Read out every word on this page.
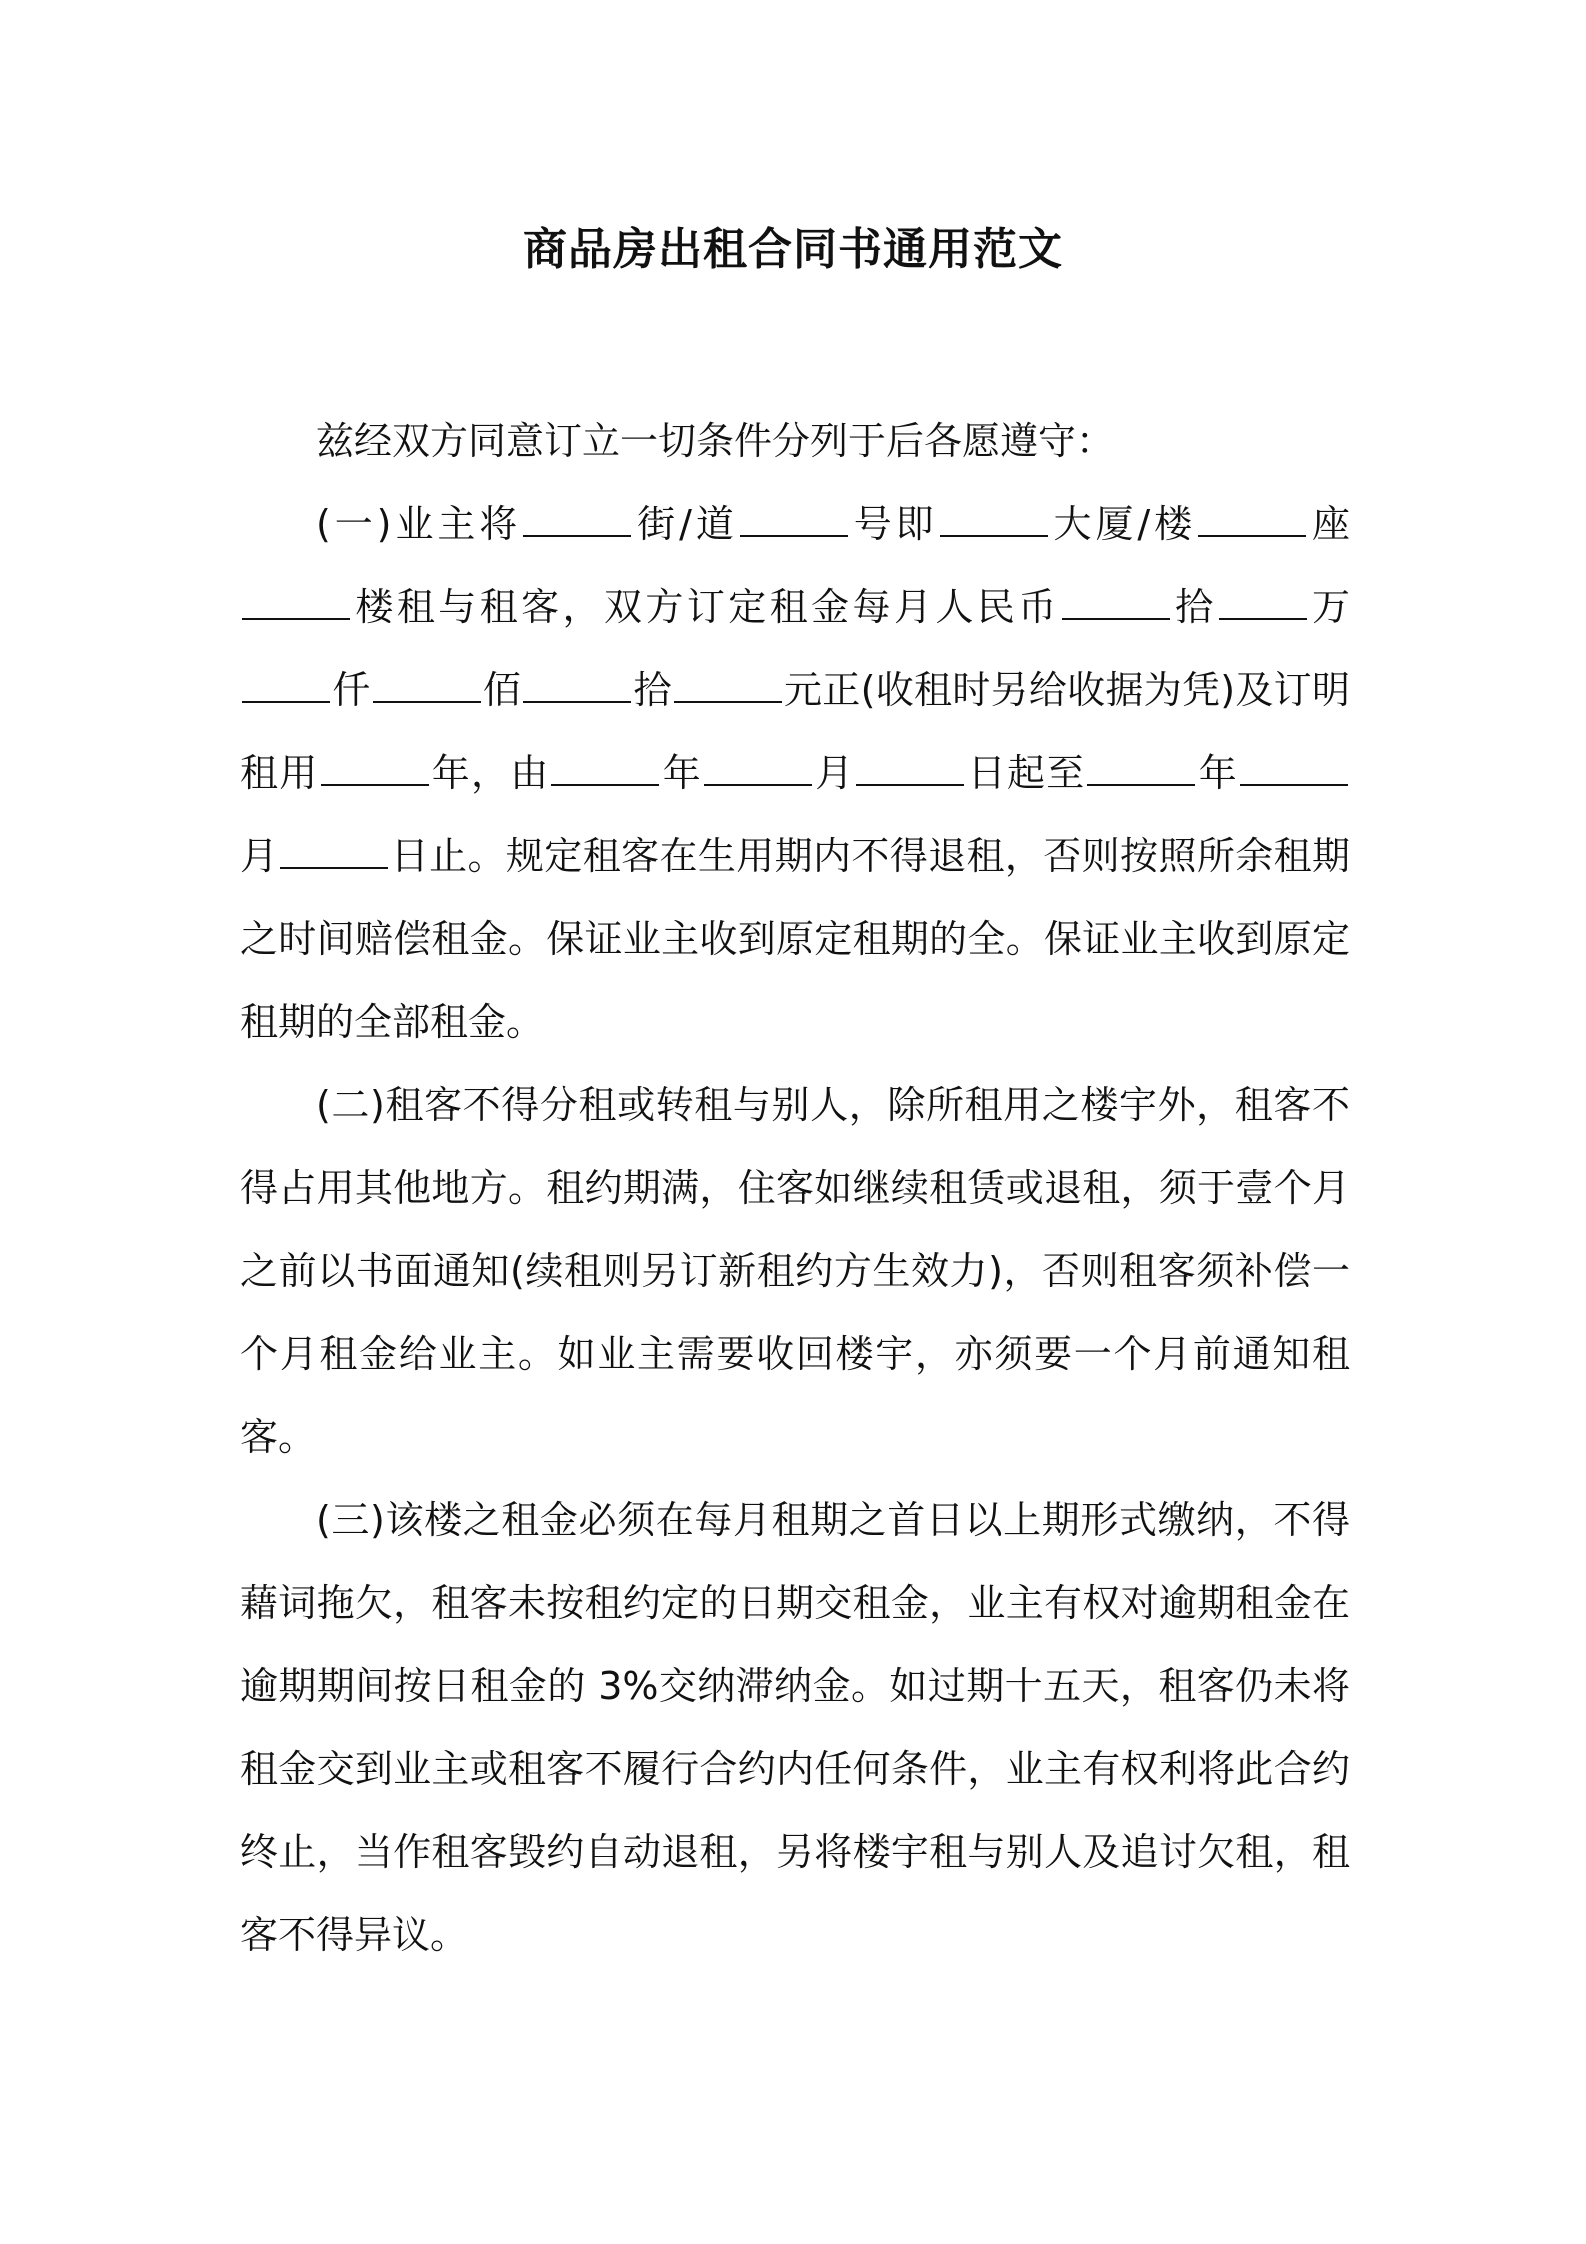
商品房出租合同书通用范文

兹经双方同意订立一切条件分列于后各愿遵守：

(一)业主将	街/道	号即	大厦/楼	座楼租与租客，双方订定租金每月人民币	拾 万仟	佰	拾	元正(收租时另给收据为凭)及订明租用	年，由	年	月	日起至	年月	日止。规定租客在生用期内不得退租，否则按照所余租期之时间赔偿租金。保证业主收到原定租期的全。保证业主收到原定租期的全部租金。

(二)租客不得分租或转租与别人，除所租用之楼宇外，租客不得占用其他地方。租约期满，住客如继续租赁或退租，须于壹个月之前以书面通知(续租则另订新租约方生效力)，否则租客须补偿一个月租金给业主。如业主需要收回楼宇，亦须要一个月前通知租客。

(三)该楼之租金必须在每月租期之首日以上期形式缴纳，不得藉词拖欠，租客未按租约定的日期交租金，业主有权对逾期租金在逾期期间按日租金的 3%交纳滞纳金。如过期十五天，租客仍未将租金交到业主或租客不履行合约内任何条件，业主有权利将此合约终止，当作租客毁约自动退租，另将楼宇租与别人及追讨欠租，租客不得异议。
